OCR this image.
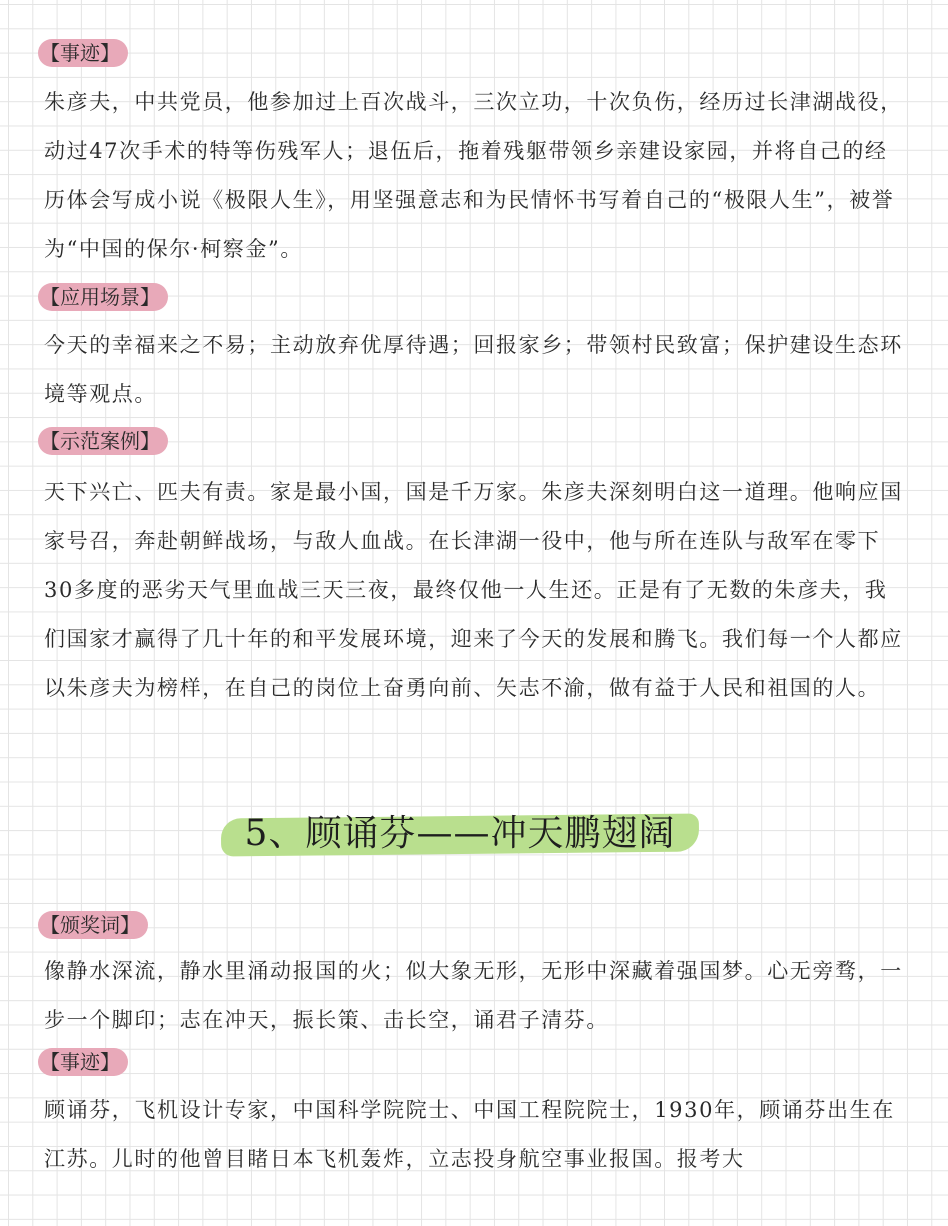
【事迹】
朱彦夫，中共党员，他参加过上百次战斗，三次立功，十次负伤，经历过长津湖战役，动过47次手术的特等伤残军人；退伍后，拖着残躯带领乡亲建设家园，并将自己的经历体会写成小说《极限人生》，用坚强意志和为民情怀书写着自己的“极限人生”，被誉为“中国的保尔·柯察金”。
【应用场景】
今天的幸福来之不易；主动放弃优厚待遇；回报家乡；带领村民致富；保护建设生态环境等观点。
【示范案例】
天下兴亡、匹夫有责。家是最小国，国是千万家。朱彦夫深刻明白这一道理。他响应国家号召，奔赴朝鲜战场，与敌人血战。在长津湖一役中，他与所在连队与敌军在零下30多度的恶劣天气里血战三天三夜，最终仅他一人生还。正是有了无数的朱彦夫，我们国家才赢得了几十年的和平发展环境，迎来了今天的发展和腾飞。我们每一个人都应以朱彦夫为榜样，在自己的岗位上奋勇向前、矢志不渝，做有益于人民和祖国的人。
5、顾诵芬——冲天鹏翅阔
【颁奖词】
像静水深流，静水里涌动报国的火；似大象无形，无形中深藏着强国梦。心无旁骛，一步一个脚印；志在冲天，振长策、击长空，诵君子清芬。
【事迹】
顾诵芬，飞机设计专家，中国科学院院士、中国工程院院士，1930年，顾诵芬出生在江苏。儿时的他曾目睹日本飞机轰炸，立志投身航空事业报国。报考大
